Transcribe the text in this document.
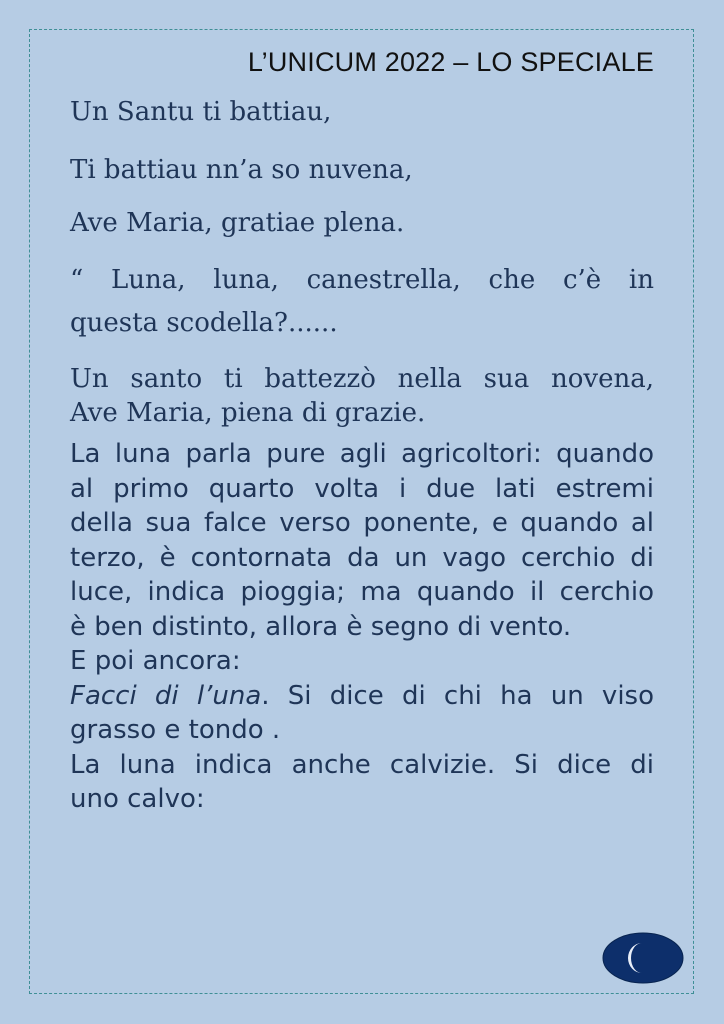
L’UNICUM 2022 – LO SPECIALE
Un Santu ti battiau,
Ti battiau nn’a so nuvena,
Ave Maria, gratiae plena.
“ Luna, luna, canestrella, che c’è in
questa scodella?......
Un santo ti battezzò nella sua novena,
Ave Maria, piena di grazie.

La luna parla pure agli agricoltori: quando

al primo quarto volta i due lati estremi

della sua falce verso ponente, e quando al

terzo, è contornata da un vago cerchio di

luce, indica pioggia; ma quando il cerchio

è ben distinto, allora è segno di vento.

E poi ancora:

Facci di l’una. Si dice di chi ha un viso

grasso e tondo .

La luna indica anche calvizie. Si dice di

uno calvo:
